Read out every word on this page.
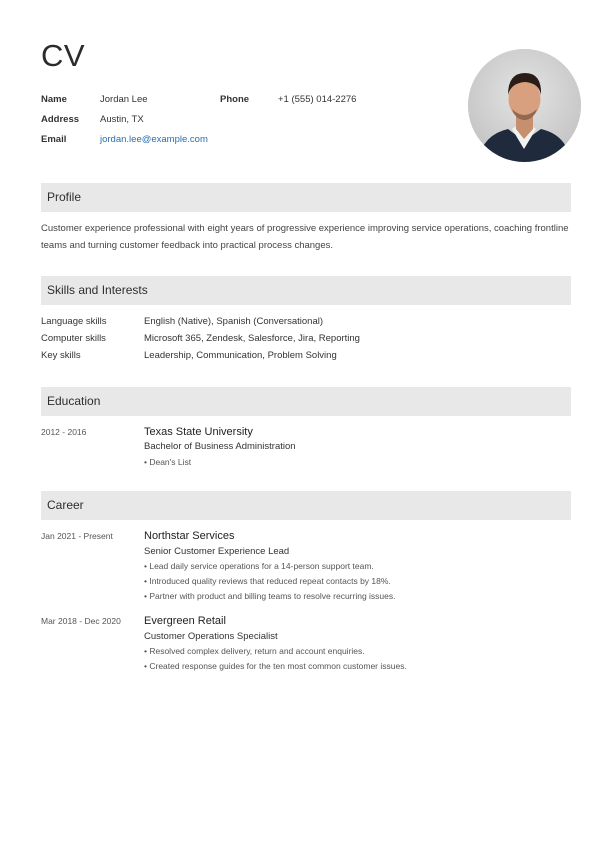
CV
Name	Jordan Lee	Phone	+1 (555) 014-2276
Address Austin, TX
Email	jordan.lee@example.com
Profile
Customer experience professional with eight years of progressive experience improving service operations, coaching frontline teams and turning customer feedback into practical process changes.
Skills and Interests
Language skills	English (Native), Spanish (Conversational)
Computer skills	Microsoft 365, Zendesk, Salesforce, Jira, Reporting
Key skills	Leadership, Communication, Problem Solving
Education
2012 - 2016	Texas State University
Bachelor of Business Administration
• Dean's List
Career
Jan 2021 - Present	Northstar Services
Senior Customer Experience Lead
• Lead daily service operations for a 14-person support team.
• Introduced quality reviews that reduced repeat contacts by 18%.
• Partner with product and billing teams to resolve recurring issues.
Mar 2018 - Dec 2020 Evergreen Retail
Customer Operations Specialist
• Resolved complex delivery, return and account enquiries.
• Created response guides for the ten most common customer issues.
